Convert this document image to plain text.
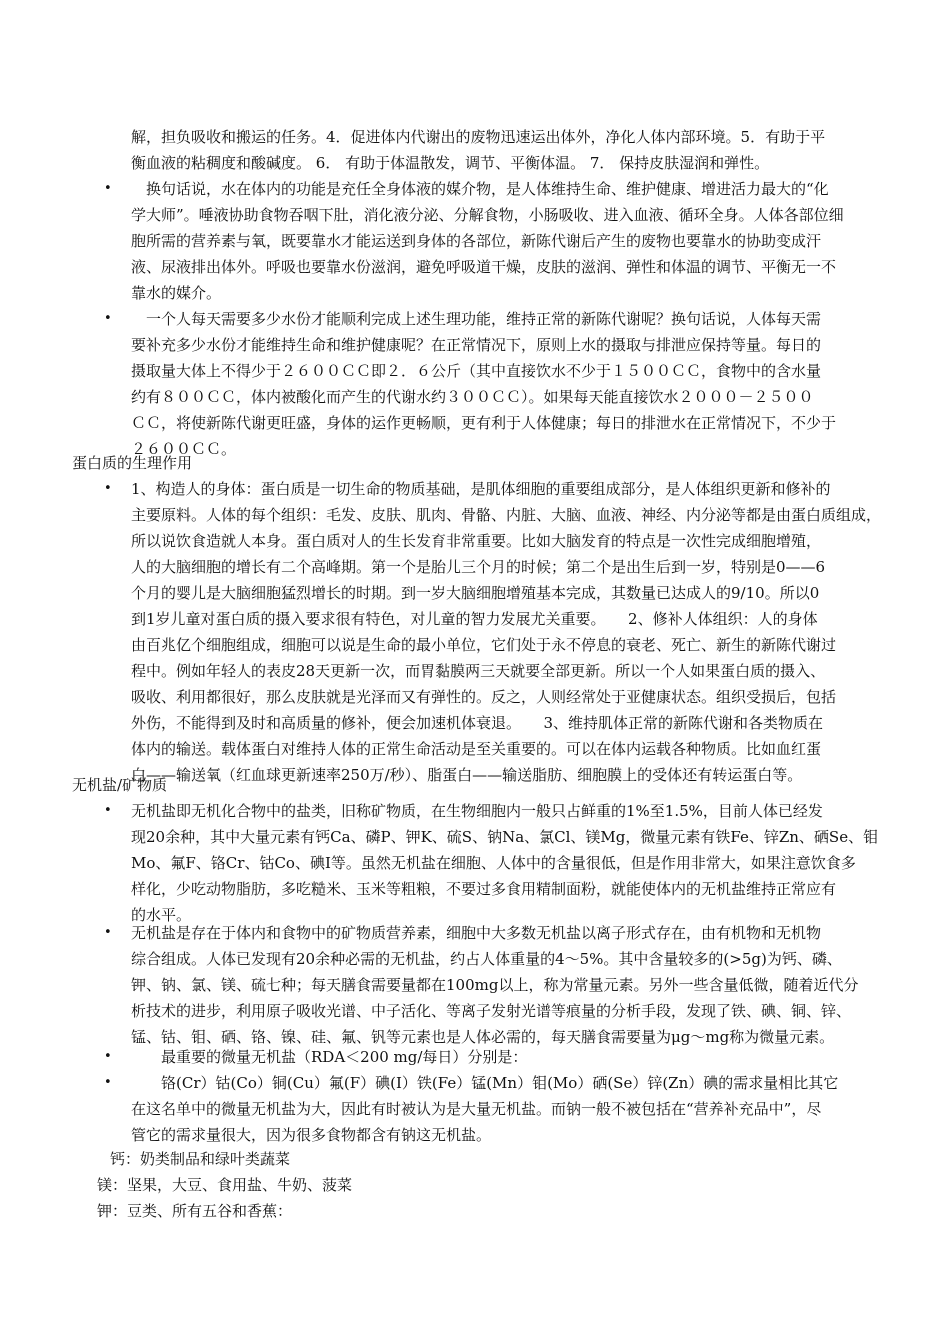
解，担负吸收和搬运的任务。4．促进体内代谢出的废物迅速运出体外，净化人体内部环境。5．有助于平
衡血液的粘稠度和酸碱度。 6． 有助于体温散发，调节、平衡体温。 7． 保持皮肤湿润和弹性。
• 　换句话说，水在体内的功能是充任全身体液的媒介物，是人体维持生命、维护健康、增进活力最大的“化
学大师”。唾液协助食物吞咽下肚，消化液分泌、分解食物，小肠吸收、进入血液、循环全身。人体各部位细
胞所需的营养素与氧，既要靠水才能运送到身体的各部位，新陈代谢后产生的废物也要靠水的协助变成汗
液、尿液排出体外。呼吸也要靠水份滋润，避免呼吸道干燥，皮肤的滋润、弹性和体温的调节、平衡无一不
靠水的媒介。
• 　一个人每天需要多少水份才能顺利完成上述生理功能，维持正常的新陈代谢呢？换句话说，人体每天需
要补充多少水份才能维持生命和维护健康呢？在正常情况下，原则上水的摄取与排泄应保持等量。每日的
摄取量大体上不得少于２６００ＣＣ即２．６公斤（其中直接饮水不少于１５００ＣＣ，食物中的含水量
约有８００ＣＣ，体内被酸化而产生的代谢水约３００ＣＣ）。如果每天能直接饮水２０００－２５００
ＣＣ，将使新陈代谢更旺盛，身体的运作更畅顺，更有利于人体健康；每日的排泄水在正常情况下，不少于
２６００ＣＣ。
蛋白质的生理作用
• 1、构造人的身体：蛋白质是一切生命的物质基础，是肌体细胞的重要组成部分，是人体组织更新和修补的
主要原料。人体的每个组织：毛发、皮肤、肌肉、骨骼、内脏、大脑、血液、神经、内分泌等都是由蛋白质组成，
所以说饮食造就人本身。蛋白质对人的生长发育非常重要。比如大脑发育的特点是一次性完成细胞增殖，
人的大脑细胞的增长有二个高峰期。第一个是胎儿三个月的时候；第二个是出生后到一岁，特别是0——6
个月的婴儿是大脑细胞猛烈增长的时期。到一岁大脑细胞增殖基本完成，其数量已达成人的9/10。所以0
到1岁儿童对蛋白质的摄入要求很有特色，对儿童的智力发展尤关重要。　　2、修补人体组织：人的身体
由百兆亿个细胞组成，细胞可以说是生命的最小单位，它们处于永不停息的衰老、死亡、新生的新陈代谢过
程中。例如年轻人的表皮28天更新一次，而胃黏膜两三天就要全部更新。所以一个人如果蛋白质的摄入、
吸收、利用都很好，那么皮肤就是光泽而又有弹性的。反之，人则经常处于亚健康状态。组织受损后，包括
外伤，不能得到及时和高质量的修补，便会加速机体衰退。　　3、维持肌体正常的新陈代谢和各类物质在
体内的输送。载体蛋白对维持人体的正常生命活动是至关重要的。可以在体内运载各种物质。比如血红蛋
白——输送氧（红血球更新速率250万/秒）、脂蛋白——输送脂肪、细胞膜上的受体还有转运蛋白等。
无机盐/矿物质
• 无机盐即无机化合物中的盐类，旧称矿物质，在生物细胞内一般只占鲜重的1%至1.5%，目前人体已经发
现20余种，其中大量元素有钙Ca、磷P、钾K、硫S、钠Na、氯Cl、镁Mg，微量元素有铁Fe、锌Zn、硒Se、钼
Mo、氟F、铬Cr、钴Co、碘I等。虽然无机盐在细胞、人体中的含量很低，但是作用非常大，如果注意饮食多
样化，少吃动物脂肪，多吃糙米、玉米等粗粮，不要过多食用精制面粉，就能使体内的无机盐维持正常应有
的水平。
• 无机盐是存在于体内和食物中的矿物质营养素，细胞中大多数无机盐以离子形式存在，由有机物和无机物
综合组成。人体已发现有20余种必需的无机盐，约占人体重量的4～5%。其中含量较多的(>5g)为钙、磷、
钾、钠、氯、镁、硫七种；每天膳食需要量都在100mg以上，称为常量元素。另外一些含量低微，随着近代分
析技术的进步，利用原子吸收光谱、中子活化、等离子发射光谱等痕量的分析手段，发现了铁、碘、铜、锌、
锰、钴、钼、硒、铬、镍、硅、氟、钒等元素也是人体必需的，每天膳食需要量为μg～mg称为微量元素。
• 　　最重要的微量无机盐（RDA＜200 mg/每日）分别是：
• 　　铬(Cr）钴(Co）铜(Cu）氟(F）碘(I）铁(Fe）锰(Mn）钼(Mo）硒(Se）锌(Zn）碘的需求量相比其它
在这名单中的微量无机盐为大，因此有时被认为是大量无机盐。而钠一般不被包括在“营养补充品中”，尽
管它的需求量很大，因为很多食物都含有钠这无机盐。
钙：奶类制品和绿叶类蔬菜
镁：坚果，大豆、食用盐、牛奶、菠菜
钾：豆类、所有五谷和香蕉：
